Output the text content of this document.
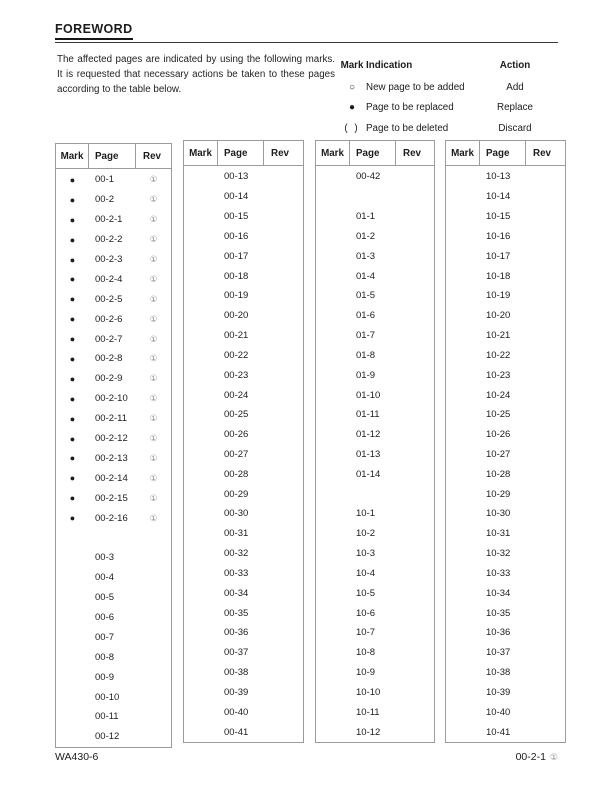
FOREWORD

The affected pages are indicated by using the following marks. It is requested that necessary actions be taken to these pages according to the table below.

Mark Indication	Action
○	New page to be added	Add
●	Page to be replaced	Replace
( ) Page to be deleted	Discard
Mark	Page	Rev
●	00-1	①
●	00-2	①
●	00-2-1	①
●	00-2-2	①
●	00-2-3	①
●	00-2-4	①
●	00-2-5	①
●	00-2-6	①
●	00-2-7	①
●	00-2-8	①
●	00-2-9	①
●	00-2-10	①
●	00-2-11	①
●	00-2-12	①
●	00-2-13	①
●	00-2-14	①
●	00-2-15	①
●	00-2-16	①
00-3
00-4
00-5
00-6
00-7
00-8
00-9
00-10
00-11
00-12
Mark	Page	Rev
00-13
00-14
00-15
00-16
00-17
00-18
00-19
00-20
00-21
00-22
00-23
00-24
00-25
00-26
00-27
00-28
00-29
00-30
00-31
00-32
00-33
00-34
00-35
00-36
00-37
00-38
00-39
00-40
00-41
Mark	Page	Rev
00-42
01-1
01-2
01-3
01-4
01-5
01-6
01-7
01-8
01-9
01-10
01-11
01-12
01-13
01-14
10-1
10-2
10-3
10-4
10-5
10-6
10-7
10-8
10-9
10-10
10-11
10-12
Mark	Page	Rev
10-13
10-14
10-15
10-16
10-17
10-18
10-19
10-20
10-21
10-22
10-23
10-24
10-25
10-26
10-27
10-28
10-29
10-30
10-31
10-32
10-33
10-34
10-35
10-36
10-37
10-38
10-39
10-40
10-41
WA430-6	00-2-1 ①
